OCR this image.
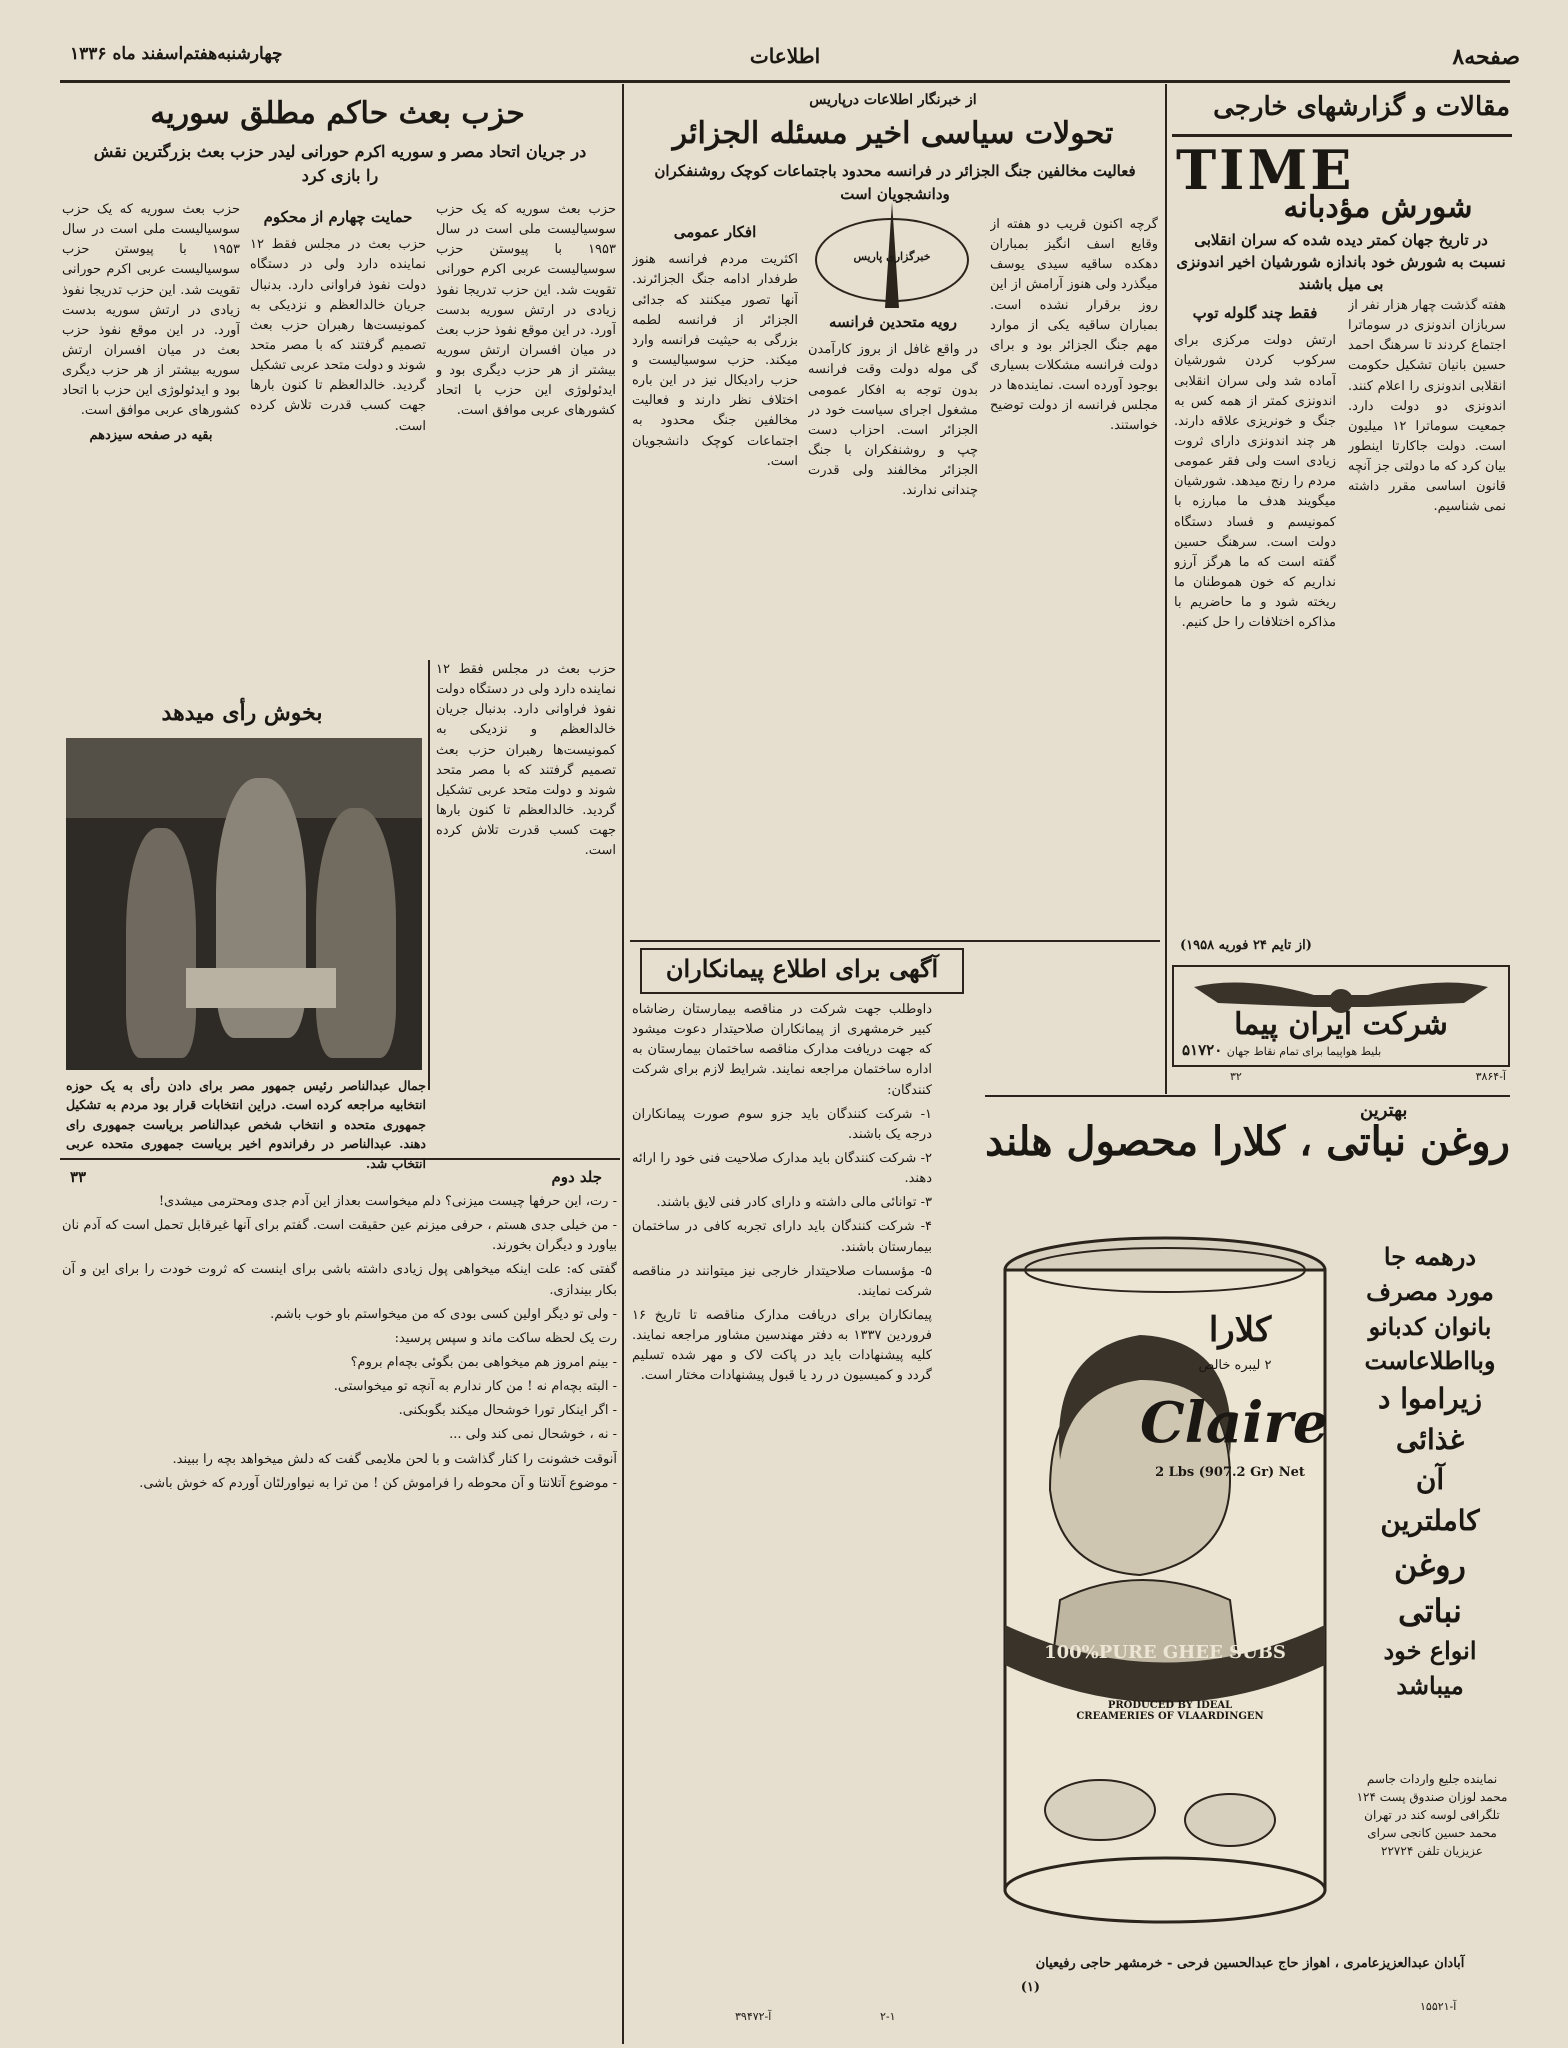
صفحه۸
اطلاعات
چهارشنبه‌هفتم‌اسفند ماه ۱۳۳۶
مقالات و گزارشهای خارجی
TIME
شورش مؤدبانه
در تاریخ جهان کمتر دیده شده که سران انقلابی نسبت به شورش خود باندازه شورشیان اخیر اندونزی بی میل باشند

هفته گذشت چهار هزار نفر از سربازان اندونزی در سوماترا اجتماع کردند تا سرهنگ احمد حسین بانیان تشکیل حکومت انقلابی اندونزی را اعلام کنند. اندونزی دو دولت دارد. جمعیت سوماترا ۱۲ میلیون است. دولت جاکارتا اینطور بیان کرد که ما دولتی جز آنچه قانون اساسی مقرر داشته نمی شناسیم.

فقط چند گلوله توپ

ارتش دولت مرکزی برای سرکوب کردن شورشیان آماده شد ولی سران انقلابی اندونزی کمتر از همه کس به جنگ و خونریزی علاقه دارند. هر چند اندونزی دارای ثروت زیادی است ولی فقر عمومی مردم را رنج میدهد. شورشیان میگویند هدف ما مبارزه با کمونیسم و فساد دستگاه دولت است. سرهنگ حسین گفته است که ما هرگز آرزو نداریم که خون هموطنان ما ریخته شود و ما حاضریم با مذاکره اختلافات را حل کنیم.

(از تایم ۲۴ فوریه ۱۹۵۸)
شرکت ایران پیما
بلیط هواپیما برای تمام نقاط جهان
۵۱۷۲۰
آ-۳۸۶۴
۳۲
از خبرنگار اطلاعات درپاریس
تحولات سیاسی اخیر مسئله الجزائر
فعالیت مخالفین جنگ الجزائر در فرانسه محدود باجتماعات کوچک روشنفکران ودانشجویان است
خبرگزاری پاریس

گرچه اکنون قریب دو هفته از وقایع اسف انگیز بمباران دهکده ساقیه سیدی یوسف میگذرد ولی هنوز آرامش از این روز برقرار نشده است. بمباران ساقیه یکی از موارد مهم جنگ الجزائر بود و برای دولت فرانسه مشکلات بسیاری بوجود آورده است. نماینده‌ها در مجلس فرانسه از دولت توضیح خواستند.

رویه متحدین فرانسه

در واقع غافل از بروز کارآمدن گی موله دولت وقت فرانسه بدون توجه به افکار عمومی مشغول اجرای سیاست خود در الجزائر است. احزاب دست چپ و روشنفکران با جنگ الجزائر مخالفند ولی قدرت چندانی ندارند.

افکار عمومی

اکثریت مردم فرانسه هنوز طرفدار ادامه جنگ الجزائرند. آنها تصور میکنند که جدائی الجزائر از فرانسه لطمه بزرگی به حیثیت فرانسه وارد میکند. حزب سوسیالیست و حزب رادیکال نیز در این باره اختلاف نظر دارند و فعالیت مخالفین جنگ محدود به اجتماعات کوچک دانشجویان است.

آگهی برای اطلاع پیمانکاران

داوطلب جهت شرکت در مناقصه بیمارستان رضاشاه کبیر خرمشهری از پیمانکاران صلاحیتدار دعوت میشود که جهت دریافت مدارک مناقصه ساختمان بیمارستان به اداره ساختمان مراجعه نمایند. شرایط لازم برای شرکت کنندگان:

۱- شرکت کنندگان باید جزو سوم صورت پیمانکاران درجه یک باشند.

۲- شرکت کنندگان باید مدارک صلاحیت فنی خود را ارائه دهند.

۳- توانائی مالی داشته و دارای کادر فنی لایق باشند.

۴- شرکت کنندگان باید دارای تجربه کافی در ساختمان بیمارستان باشند.

۵- مؤسسات صلاحیتدار خارجی نیز میتوانند در مناقصه شرکت نمایند.

پیمانکاران برای دریافت مدارک مناقصه تا تاریخ ۱۶ فروردین ۱۳۳۷ به دفتر مهندسین مشاور مراجعه نمایند. کلیه پیشنهادات باید در پاکت لاک و مهر شده تسلیم گردد و کمیسیون در رد یا قبول پیشنهادات مختار است.

آ-۳۹۴۷۲	۲-۱
حزب بعث حاکم مطلق سوریه
در جریان اتحاد مصر و سوریه اکرم حورانی لیدر حزب بعث بزرگترین نقش را بازی کرد

حزب بعث سوریه که یک حزب سوسیالیست ملی است در سال ۱۹۵۳ با پیوستن حزب سوسیالیست عربی اکرم حورانی تقویت شد. این حزب تدریجا نفوذ زیادی در ارتش سوریه بدست آورد. در این موقع نفوذ حزب بعث در میان افسران ارتش سوریه بیشتر از هر حزب دیگری بود و ایدئولوژی این حزب با اتحاد کشورهای عربی موافق است.

حمایت چهارم از محکوم

حزب بعث در مجلس فقط ۱۲ نماینده دارد ولی در دستگاه دولت نفوذ فراوانی دارد. بدنبال جریان خالدالعظم و نزدیکی به کمونیست‌ها رهبران حزب بعث تصمیم گرفتند که با مصر متحد شوند و دولت متحد عربی تشکیل گردید. خالدالعظم تا کنون بارها جهت کسب قدرت تلاش کرده است.

حزب بعث سوریه که یک حزب سوسیالیست ملی است در سال ۱۹۵۳ با پیوستن حزب سوسیالیست عربی اکرم حورانی تقویت شد. این حزب تدریجا نفوذ زیادی در ارتش سوریه بدست آورد. در این موقع نفوذ حزب بعث در میان افسران ارتش سوریه بیشتر از هر حزب دیگری بود و ایدئولوژی این حزب با اتحاد کشورهای عربی موافق است.

بقیه در صفحه سیزدهم

بخوش رأی میدهد
جمال عبدالناصر رئیس جمهور مصر برای دادن رأی به یک حوزه انتخابیه مراجعه کرده است. دراین انتخابات قرار بود مردم به تشکیل جمهوری متحده و انتخاب شخص عبدالناصر بریاست جمهوری رای دهند. عبدالناصر در رفراندوم اخیر بریاست جمهوری متحده عربی انتخاب شد.

حزب بعث در مجلس فقط ۱۲ نماینده دارد ولی در دستگاه دولت نفوذ فراوانی دارد. بدنبال جریان خالدالعظم و نزدیکی به کمونیست‌ها رهبران حزب بعث تصمیم گرفتند که با مصر متحد شوند و دولت متحد عربی تشکیل گردید. خالدالعظم تا کنون بارها جهت کسب قدرت تلاش کرده است.

جلد دوم
۳۳

- رت، این حرفها چیست میزنی؟ دلم میخواست بعداز این آدم جدی ومحترمی میشدی!

- من خیلی جدی هستم ، حرفی میزنم عین حقیقت است. گفتم برای آنها غیرقابل تحمل است که آدم نان بیاورد و دیگران بخورند.

گفتی که: علت اینکه میخواهی پول زیادی داشته باشی برای اینست که ثروت خودت را برای این و آن بکار بیندازی.

- ولی تو دیگر اولین کسی بودی که من میخواستم باو خوب باشم.

رت یک لحظه ساکت ماند و سپس پرسید:

- بینم امروز هم میخواهی بمن بگوئی بچه‌ام بروم؟

- البته بچه‌ام نه ! من کار ندارم به آنچه تو میخواستی.

- اگر اینکار تورا خوشحال میکند بگوبکنی.

- نه ، خوشحال نمی کند ولی ...

آنوقت خشونت را کنار گذاشت و با لحن ملایمی گفت که دلش میخواهد بچه را ببیند.

- موضوع آتلانتا و آن محوطه را فراموش کن ! من ترا به نیواورلئان آوردم که خوش باشی.

بهترین
روغن نباتی ، کلارا محصول هلند
درهمه جا
مورد مصرف
بانوان کدبانو
وبااطلاعاست
زیراموا د
غذائی
آن
کاملترین
روغن
نباتی
انواع خود
میباشد
Claire
2 Lbs (907.2 Gr) Net
کلارا
۲ لیبره خالص
100%PURE GHEE SUBS
PRODUCED BY IDEAL CREAMERIES OF VLAARDINGEN
نماینده جلیع واردات جاسم محمد لوزان صندوق پست ۱۲۴ تلگرافی لوسه کند در تهران محمد حسین کانجی سرای عزیزیان تلفن ۲۲۷۲۴
آبادان عبدالعزیزعامری ، اهواز حاج عبدالحسین فرحی - خرمشهر حاجی رفیعیان
(۱)
آ-۱۵۵۲۱
